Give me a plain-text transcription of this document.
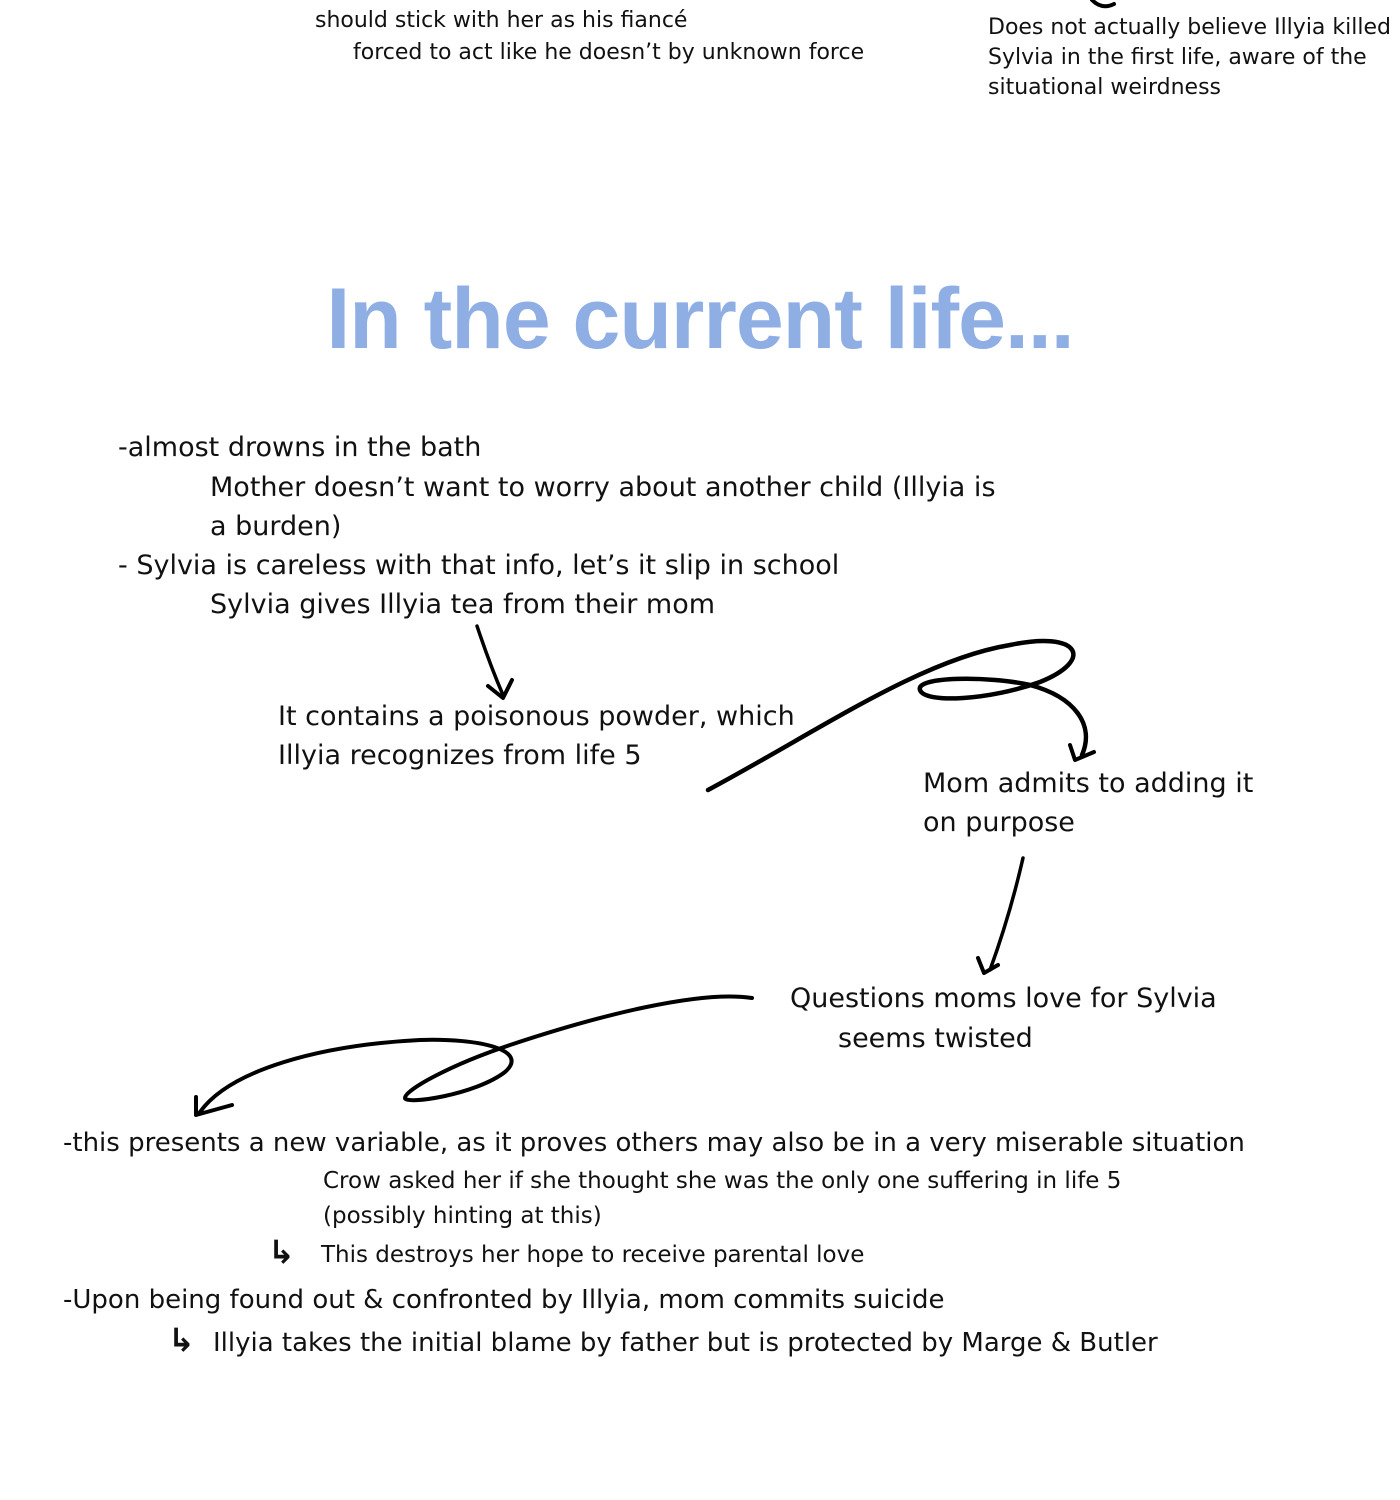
should stick with her as his fiancé

forced to act like he doesn’t by unknown force

Does not actually believe Illyia killed

Sylvia in the first life, aware of the

situational weirdness

In the current life...

-almost drowns in the bath

Mother doesn’t want to worry about another child (Illyia is

a burden)

- Sylvia is careless with that info, let’s it slip in school

Sylvia gives Illyia tea from their mom

It contains a poisonous powder, which

Illyia recognizes from life 5

Mom admits to adding it

on purpose

Questions moms love for Sylvia

seems twisted

-this presents a new variable, as it proves others may also be in a very miserable situation

Crow asked her if she thought she was the only one suffering in life 5

(possibly hinting at this)

↳ This destroys her hope to receive parental love

-Upon being found out & confronted by Illyia, mom commits suicide

↳ Illyia takes the initial blame by father but is protected by Marge & Butler
